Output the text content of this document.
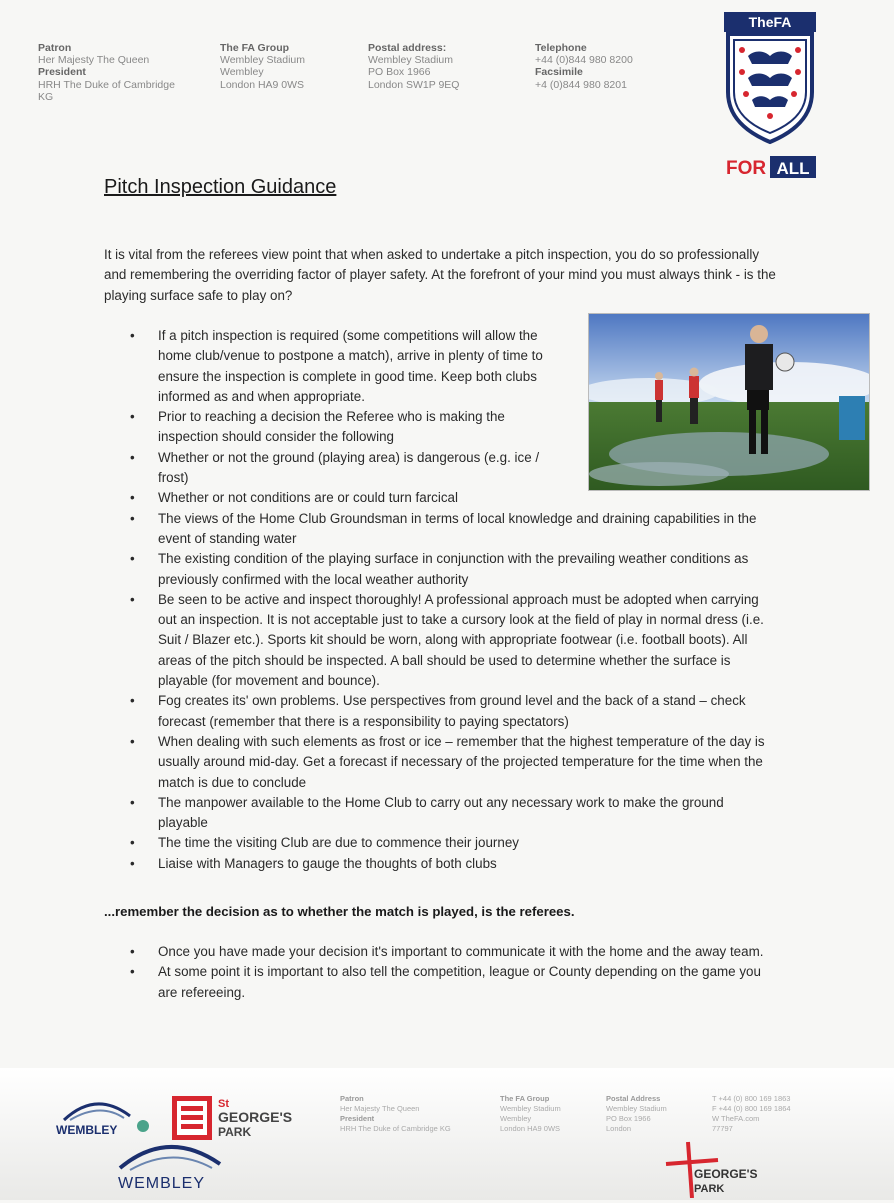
Patron
Her Majesty The Queen
President
HRH The Duke of Cambridge
KG
The FA Group
Wembley Stadium
Wembley
London HA9 0WS
Postal address:
Wembley Stadium
PO Box 1966
London SW1P 9EQ
Telephone
+44 (0)844 980 8200
Facsimile
+4 (0)844 980 8201
TheFA
FOR ALL
Pitch Inspection Guidance
It is vital from the referees view point that when asked to undertake a pitch inspection, you do so professionally and remembering the overriding factor of player safety. At the forefront of your mind you must always think - is the playing surface safe to play on?
• If a pitch inspection is required (some competitions will allow the home club/venue to postpone a match), arrive in plenty of time to ensure the inspection is complete in good time. Keep both clubs informed as and when appropriate.
• Prior to reaching a decision the Referee who is making the inspection should consider the following
• Whether or not the ground (playing area) is dangerous (e.g. ice / frost)
• Whether or not conditions are or could turn farcical
• The views of the Home Club Groundsman in terms of local knowledge and draining capabilities in the event of standing water
• The existing condition of the playing surface in conjunction with the prevailing weather conditions as previously confirmed with the local weather authority
• Be seen to be active and inspect thoroughly! A professional approach must be adopted when carrying out an inspection. It is not acceptable just to take a cursory look at the field of play in normal dress (i.e. Suit / Blazer etc.). Sports kit should be worn, along with appropriate footwear (i.e. football boots). All areas of the pitch should be inspected. A ball should be used to determine whether the surface is playable (for movement and bounce).
• Fog creates its' own problems. Use perspectives from ground level and the back of a stand – check forecast (remember that there is a responsibility to paying spectators)
• When dealing with such elements as frost or ice – remember that the highest temperature of the day is usually around mid-day. Get a forecast if necessary of the projected temperature for the time when the match is due to conclude
• The manpower available to the Home Club to carry out any necessary work to make the ground playable
• The time the visiting Club are due to commence their journey
• Liaise with Managers to gauge the thoughts of both clubs
...remember the decision as to whether the match is played, is the referees.
• Once you have made your decision it's important to communicate it with the home and the away team.
• At some point it is important to also tell the competition, league or County depending on the game you are refereeing.
WEMBLEY
WEMBLEY
St
GEORGE'S
PARK
Patron
Her Majesty The Queen
President
HRH The Duke of Cambridge KG
The FA Group
Wembley Stadium
Wembley
London HA9 0WS
Postal Address
Wembley Stadium
PO Box 1966
London
T +44 (0) 800 169 1863
F +44 (0) 800 169 1864
W TheFA.com
77797
GEORGE'S
PARK
